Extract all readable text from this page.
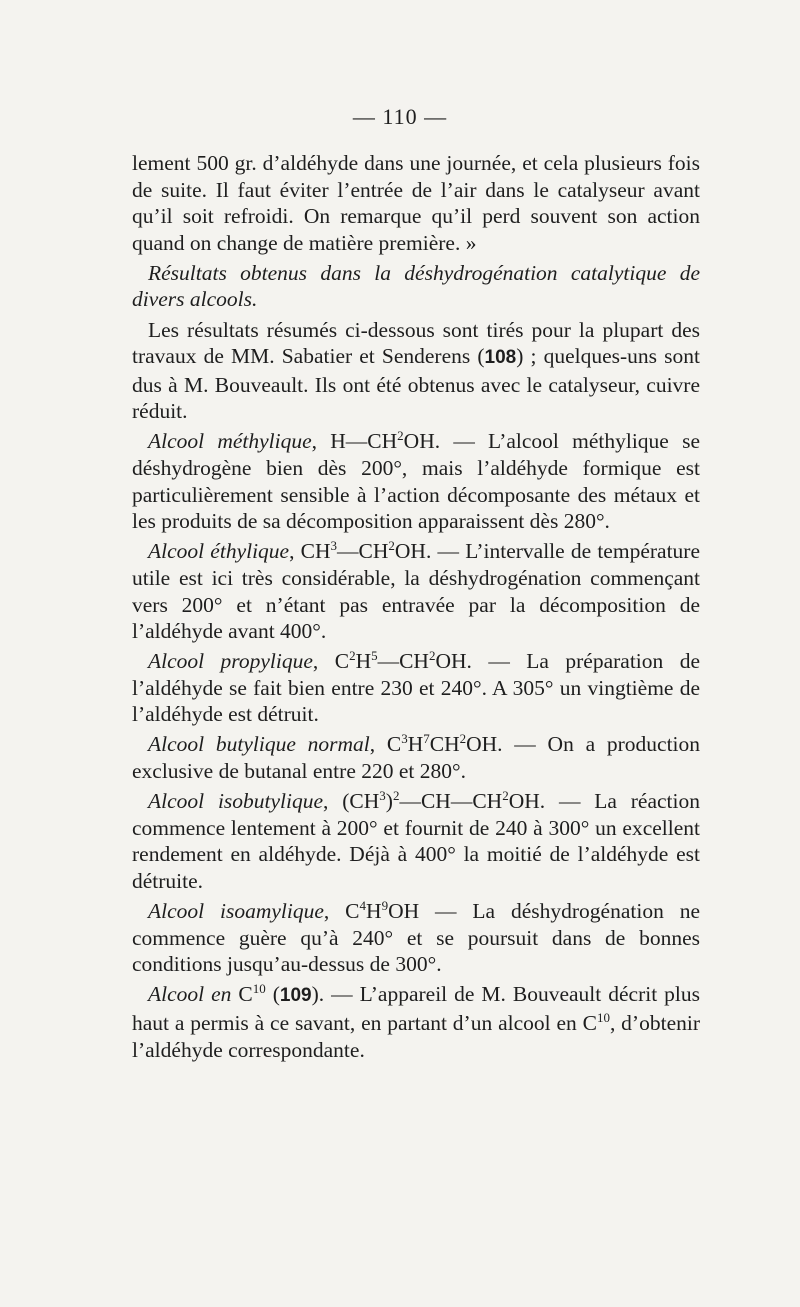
— 110 —

lement 500 gr. d’aldéhyde dans une journée, et cela plusieurs fois de suite. Il faut éviter l’entrée de l’air dans le catalyseur avant qu’il soit refroidi. On remarque qu’il perd souvent son action quand on change de matière première. »

Résultats obtenus dans la déshydrogénation catalytique de divers alcools.

Les résultats résumés ci-dessous sont tirés pour la plupart des travaux de MM. Sabatier et Senderens (108) ; quelques-uns sont dus à M. Bouveault. Ils ont été obtenus avec le catalyseur, cuivre réduit.

Alcool méthylique, $H—CH^2OH$. — L’alcool méthylique se déshydrogène bien dès 200°, mais l’aldéhyde formique est particulièrement sensible à l’action décomposante des métaux et les produits de sa décomposition apparaissent dès 280°.

Alcool éthylique, $CH^3—CH^2OH$. — L’intervalle de température utile est ici très considérable, la déshydrogénation commençant vers 200° et n’étant pas entravée par la décomposition de l’aldéhyde avant 400°.

Alcool propylique, $C^2H^5—CH^2OH$. — La préparation de l’aldéhyde se fait bien entre 230 et 240°. A 305° un vingtième de l’aldéhyde est détruit.

Alcool butylique normal, $C^3H^7CH^2OH$. — On a production exclusive de butanal entre 220 et 280°.

Alcool isobutylique, $(CH^3)^2—CH—CH^2OH$. — La réaction commence lentement à 200° et fournit de 240 à 300° un excellent rendement en aldéhyde. Déjà à 400° la moitié de l’aldéhyde est détruite.

Alcool isoamylique, $C^4H^9OH$ — La déshydrogénation ne commence guère qu’à 240° et se poursuit dans de bonnes conditions jusqu’au-dessus de 300°.

Alcool en $C^{10}$ (109). — L’appareil de M. Bouveault décrit plus haut a permis à ce savant, en partant d’un alcool en $C^{10}$, d’obtenir l’aldéhyde correspondante.
